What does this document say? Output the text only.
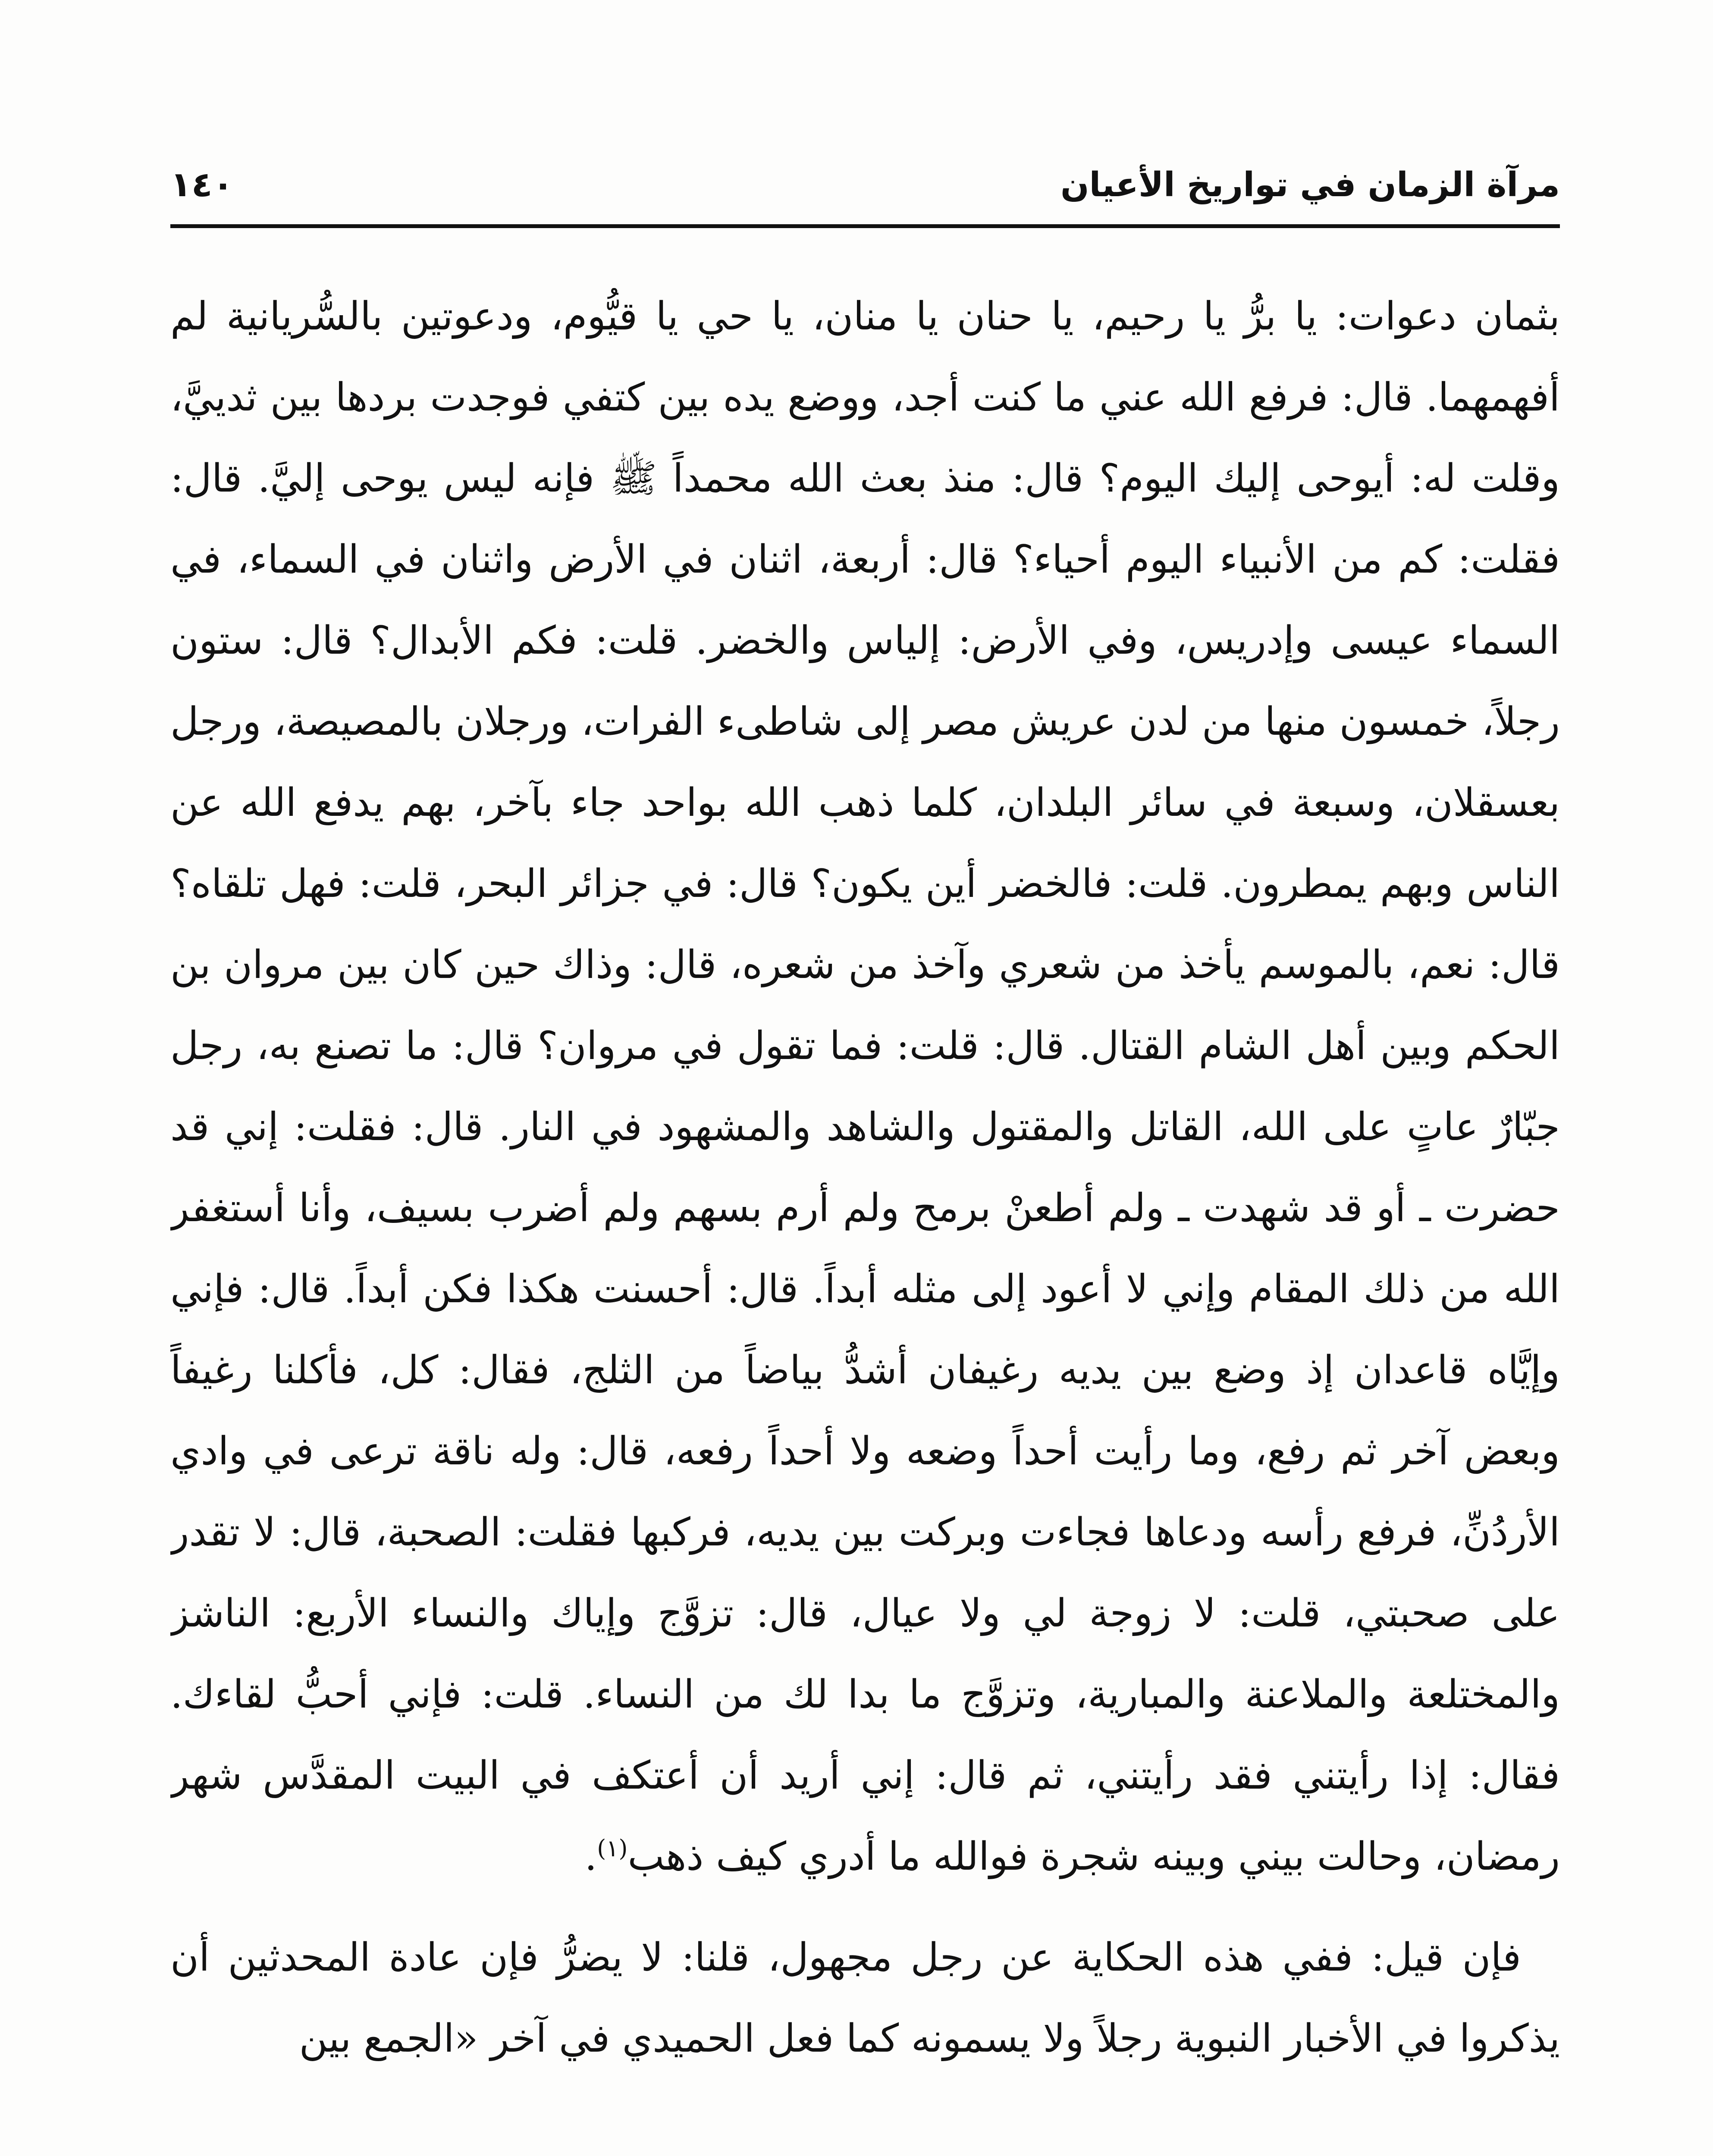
مرآة الزمان في تواريخ الأعيان
١٤٠

بثمان دعوات: يا برُّ يا رحيم، يا حنان يا منان، يا حي يا قيُّوم، ودعوتين بالسُّريانية لم أفهمهما. قال: فرفع الله عني ما كنت أجد، ووضع يده بين كتفي فوجدت بردها بين ثدييَّ، وقلت له: أيوحى إليك اليوم؟ قال: منذ بعث الله محمداً ﷺ فإنه ليس يوحى إليَّ. قال: فقلت: كم من الأنبياء اليوم أحياء؟ قال: أربعة، اثنان في الأرض واثنان في السماء، في السماء عيسى وإدريس، وفي الأرض: إلياس والخضر. قلت: فكم الأبدال؟ قال: ستون رجلاً، خمسون منها من لدن عريش مصر إلى شاطىء الفرات، ورجلان بالمصيصة، ورجل بعسقلان، وسبعة في سائر البلدان، كلما ذهب الله بواحد جاء بآخر، بهم يدفع الله عن الناس وبهم يمطرون. قلت: فالخضر أين يكون؟ قال: في جزائر البحر، قلت: فهل تلقاه؟ قال: نعم، بالموسم يأخذ من شعري وآخذ من شعره، قال: وذاك حين كان بين مروان بن الحكم وبين أهل الشام القتال. قال: قلت: فما تقول في مروان؟ قال: ما تصنع به، رجل جبّارٌ عاتٍ على الله، القاتل والمقتول والشاهد والمشهود في النار. قال: فقلت: إني قد حضرت ـ أو قد شهدت ـ ولم أطعنْ برمح ولم أرم بسهم ولم أضرب بسيف، وأنا أستغفر الله من ذلك المقام وإني لا أعود إلى مثله أبداً. قال: أحسنت هكذا فكن أبداً. قال: فإني وإيَّاه قاعدان إذ وضع بين يديه رغيفان أشدُّ بياضاً من الثلج، فقال: كل، فأكلنا رغيفاً وبعض آخر ثم رفع، وما رأيت أحداً وضعه ولا أحداً رفعه، قال: وله ناقة ترعى في وادي الأردُنِّ، فرفع رأسه ودعاها فجاءت وبركت بين يديه، فركبها فقلت: الصحبة، قال: لا تقدر على صحبتي، قلت: لا زوجة لي ولا عيال، قال: تزوَّج وإياك والنساء الأربع: الناشز والمختلعة والملاعنة والمبارية، وتزوَّج ما بدا لك من النساء. قلت: فإني أحبُّ لقاءك. فقال: إذا رأيتني فقد رأيتني، ثم قال: إني أريد أن أعتكف في البيت المقدَّس شهر رمضان، وحالت بيني وبينه شجرة فوالله ما أدري كيف ذهب$^{(١)}$.

فإن قيل: ففي هذه الحكاية عن رجل مجهول، قلنا: لا يضرُّ فإن عادة المحدثين أن يذكروا في الأخبار النبوية رجلاً ولا يسمونه كما فعل الحميدي في آخر «الجمع بين
